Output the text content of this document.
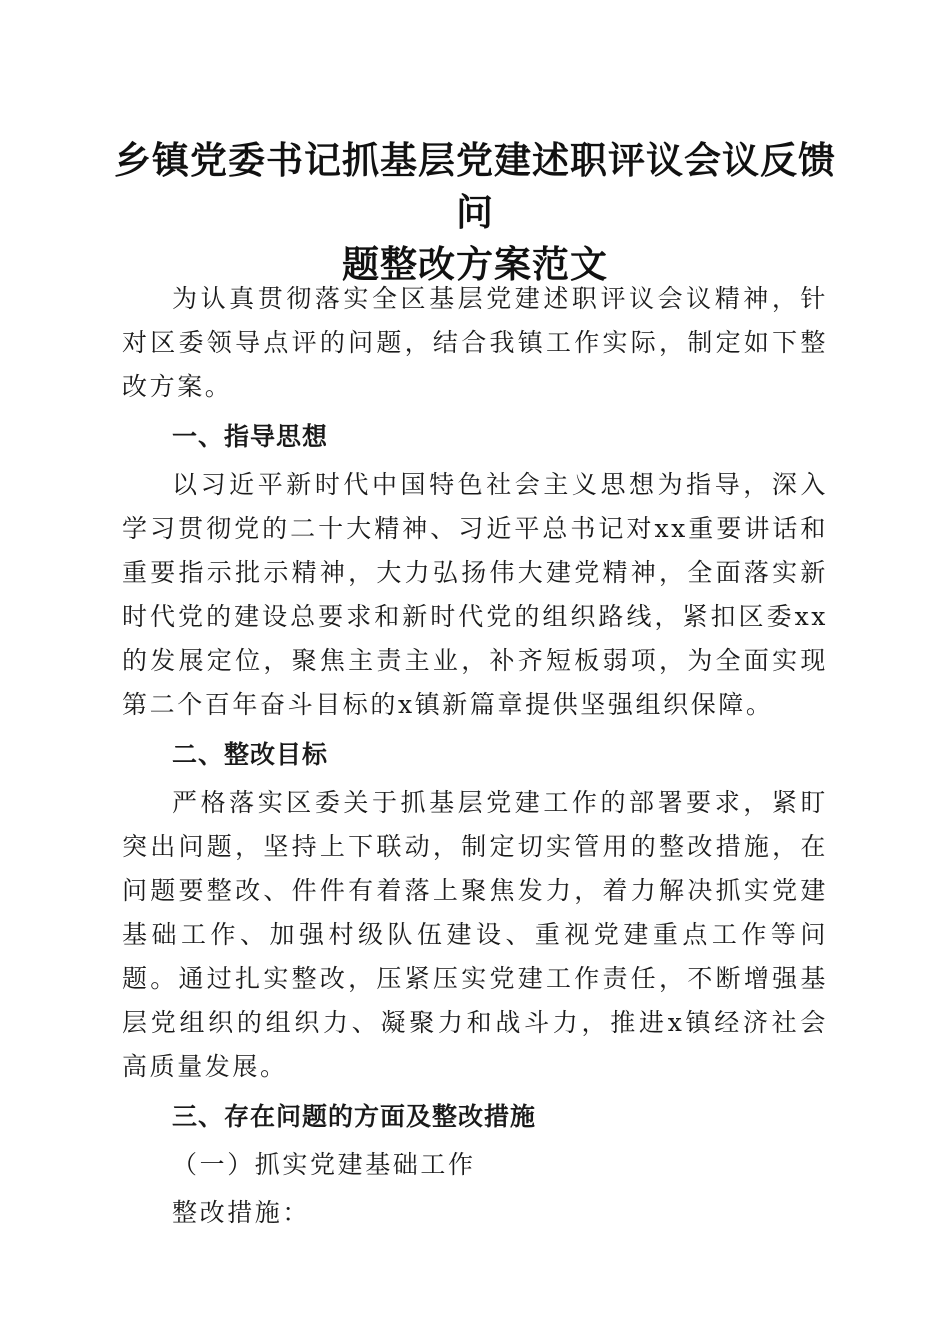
乡镇党委书记抓基层党建述职评议会议反馈问
题整改方案范文

为认真贯彻落实全区基层党建述职评议会议精神，针对区委领导点评的问题，结合我镇工作实际，制定如下整改方案。

一、指导思想

以习近平新时代中国特色社会主义思想为指导，深入学习贯彻党的二十大精神、习近平总书记对xx重要讲话和重要指示批示精神，大力弘扬伟大建党精神，全面落实新时代党的建设总要求和新时代党的组织路线，紧扣区委xx的发展定位，聚焦主责主业，补齐短板弱项，为全面实现第二个百年奋斗目标的x镇新篇章提供坚强组织保障。

二、整改目标

严格落实区委关于抓基层党建工作的部署要求，紧盯突出问题，坚持上下联动，制定切实管用的整改措施，在问题要整改、件件有着落上聚焦发力，着力解决抓实党建基础工作、加强村级队伍建设、重视党建重点工作等问题。通过扎实整改，压紧压实党建工作责任，不断增强基层党组织的组织力、凝聚力和战斗力，推进x镇经济社会高质量发展。

三、存在问题的方面及整改措施

（一）抓实党建基础工作

整改措施：
